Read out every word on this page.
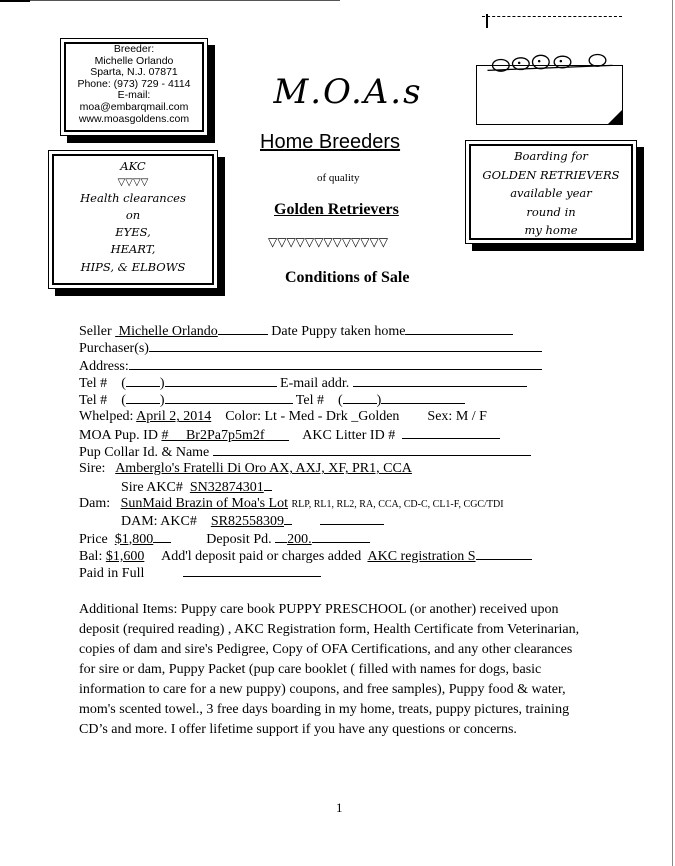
Breeder:
Michelle Orlando
Sparta, N.J. 07871
Phone: (973) 729 - 4114
E-mail:
moa@embarqmail.com
www.moasgoldens.com
AKC
▽▽▽▽
Health clearances
on
EYES,
HEART,
HIPS, & ELBOWS
M.O.A.s
Home Breeders
of quality
Golden Retrievers
▽▽▽▽▽▽▽▽▽▽▽▽▽
Conditions of Sale
Boarding for
GOLDEN RETRIEVERS
available year
round in
my home
Seller Michelle Orlando	Date Puppy taken home
Purchaser(s)
Address:
Tel # ( )	E-mail addr.
Tel # ( )	Tel # ( )
Whelped: April 2, 2014 Color: Lt - Med - Drk _Golden Sex: M / F
MOA Pup. ID # Br2Pa7p5m2f	AKC Litter ID #
Pup Collar Id. & Name
Sire: Amberglo's Fratelli Di Oro AX, AXJ, XF, PR1, CCA
Sire AKC# SN32874301
Dam: SunMaid Brazin of Moa's Lot RLP, RL1, RL2, RA, CCA, CD-C, CL1-F, CGC/TDI
DAM: AKC# SR82558309
Price $1,800	Deposit Pd. 200.
Bal: $1,600 Add'l deposit paid or charges added AKC registration S
Paid in Full
Additional Items: Puppy care book PUPPY PRESCHOOL (or another) received upon deposit (required reading) , AKC Registration form, Health Certificate from Veterinarian, copies of dam and sire's Pedigree, Copy of OFA Certifications, and any other clearances for sire or dam, Puppy Packet (pup care booklet ( filled with names for dogs, basic information to care for a new puppy) coupons, and free samples), Puppy food & water, mom's scented towel., 3 free days boarding in my home, treats, puppy pictures, training CD’s and more. I offer lifetime support if you have any questions or concerns.
1
